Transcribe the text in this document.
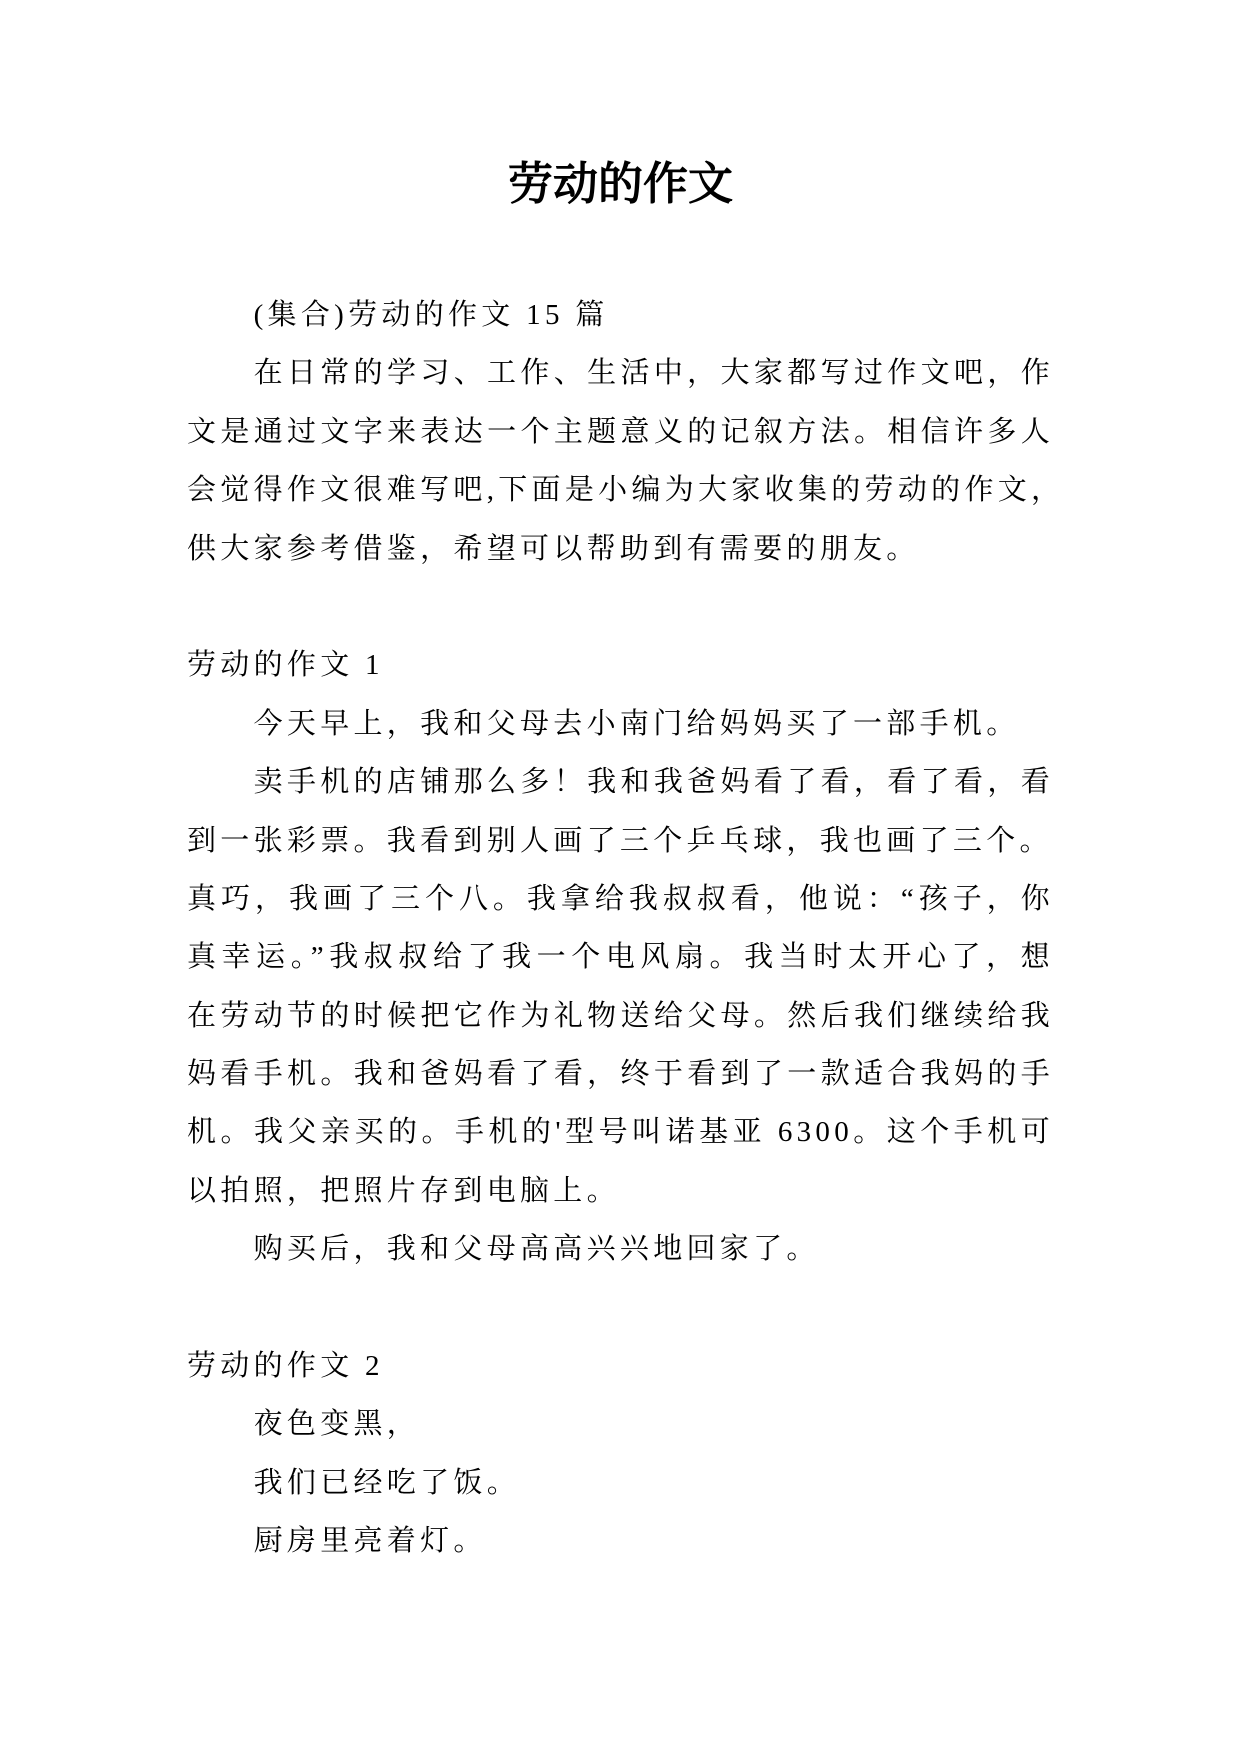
劳动的作文
(集合)劳动的作文 15 篇
在日常的学习、工作、生活中，大家都写过作文吧，作
文是通过文字来表达一个主题意义的记叙方法。相信许多人
会觉得作文很难写吧,下面是小编为大家收集的劳动的作文，
供大家参考借鉴，希望可以帮助到有需要的朋友。
劳动的作文 1
今天早上，我和父母去小南门给妈妈买了一部手机。
卖手机的店铺那么多！我和我爸妈看了看，看了看，看
到一张彩票。我看到别人画了三个乒乓球，我也画了三个。
真巧，我画了三个八。我拿给我叔叔看，他说：“孩子，你
真幸运。”我叔叔给了我一个电风扇。我当时太开心了，想
在劳动节的时候把它作为礼物送给父母。然后我们继续给我
妈看手机。我和爸妈看了看，终于看到了一款适合我妈的手
机。我父亲买的。手机的'型号叫诺基亚 6300。这个手机可
以拍照，把照片存到电脑上。
购买后，我和父母高高兴兴地回家了。
劳动的作文 2
夜色变黑，
我们已经吃了饭。
厨房里亮着灯。
